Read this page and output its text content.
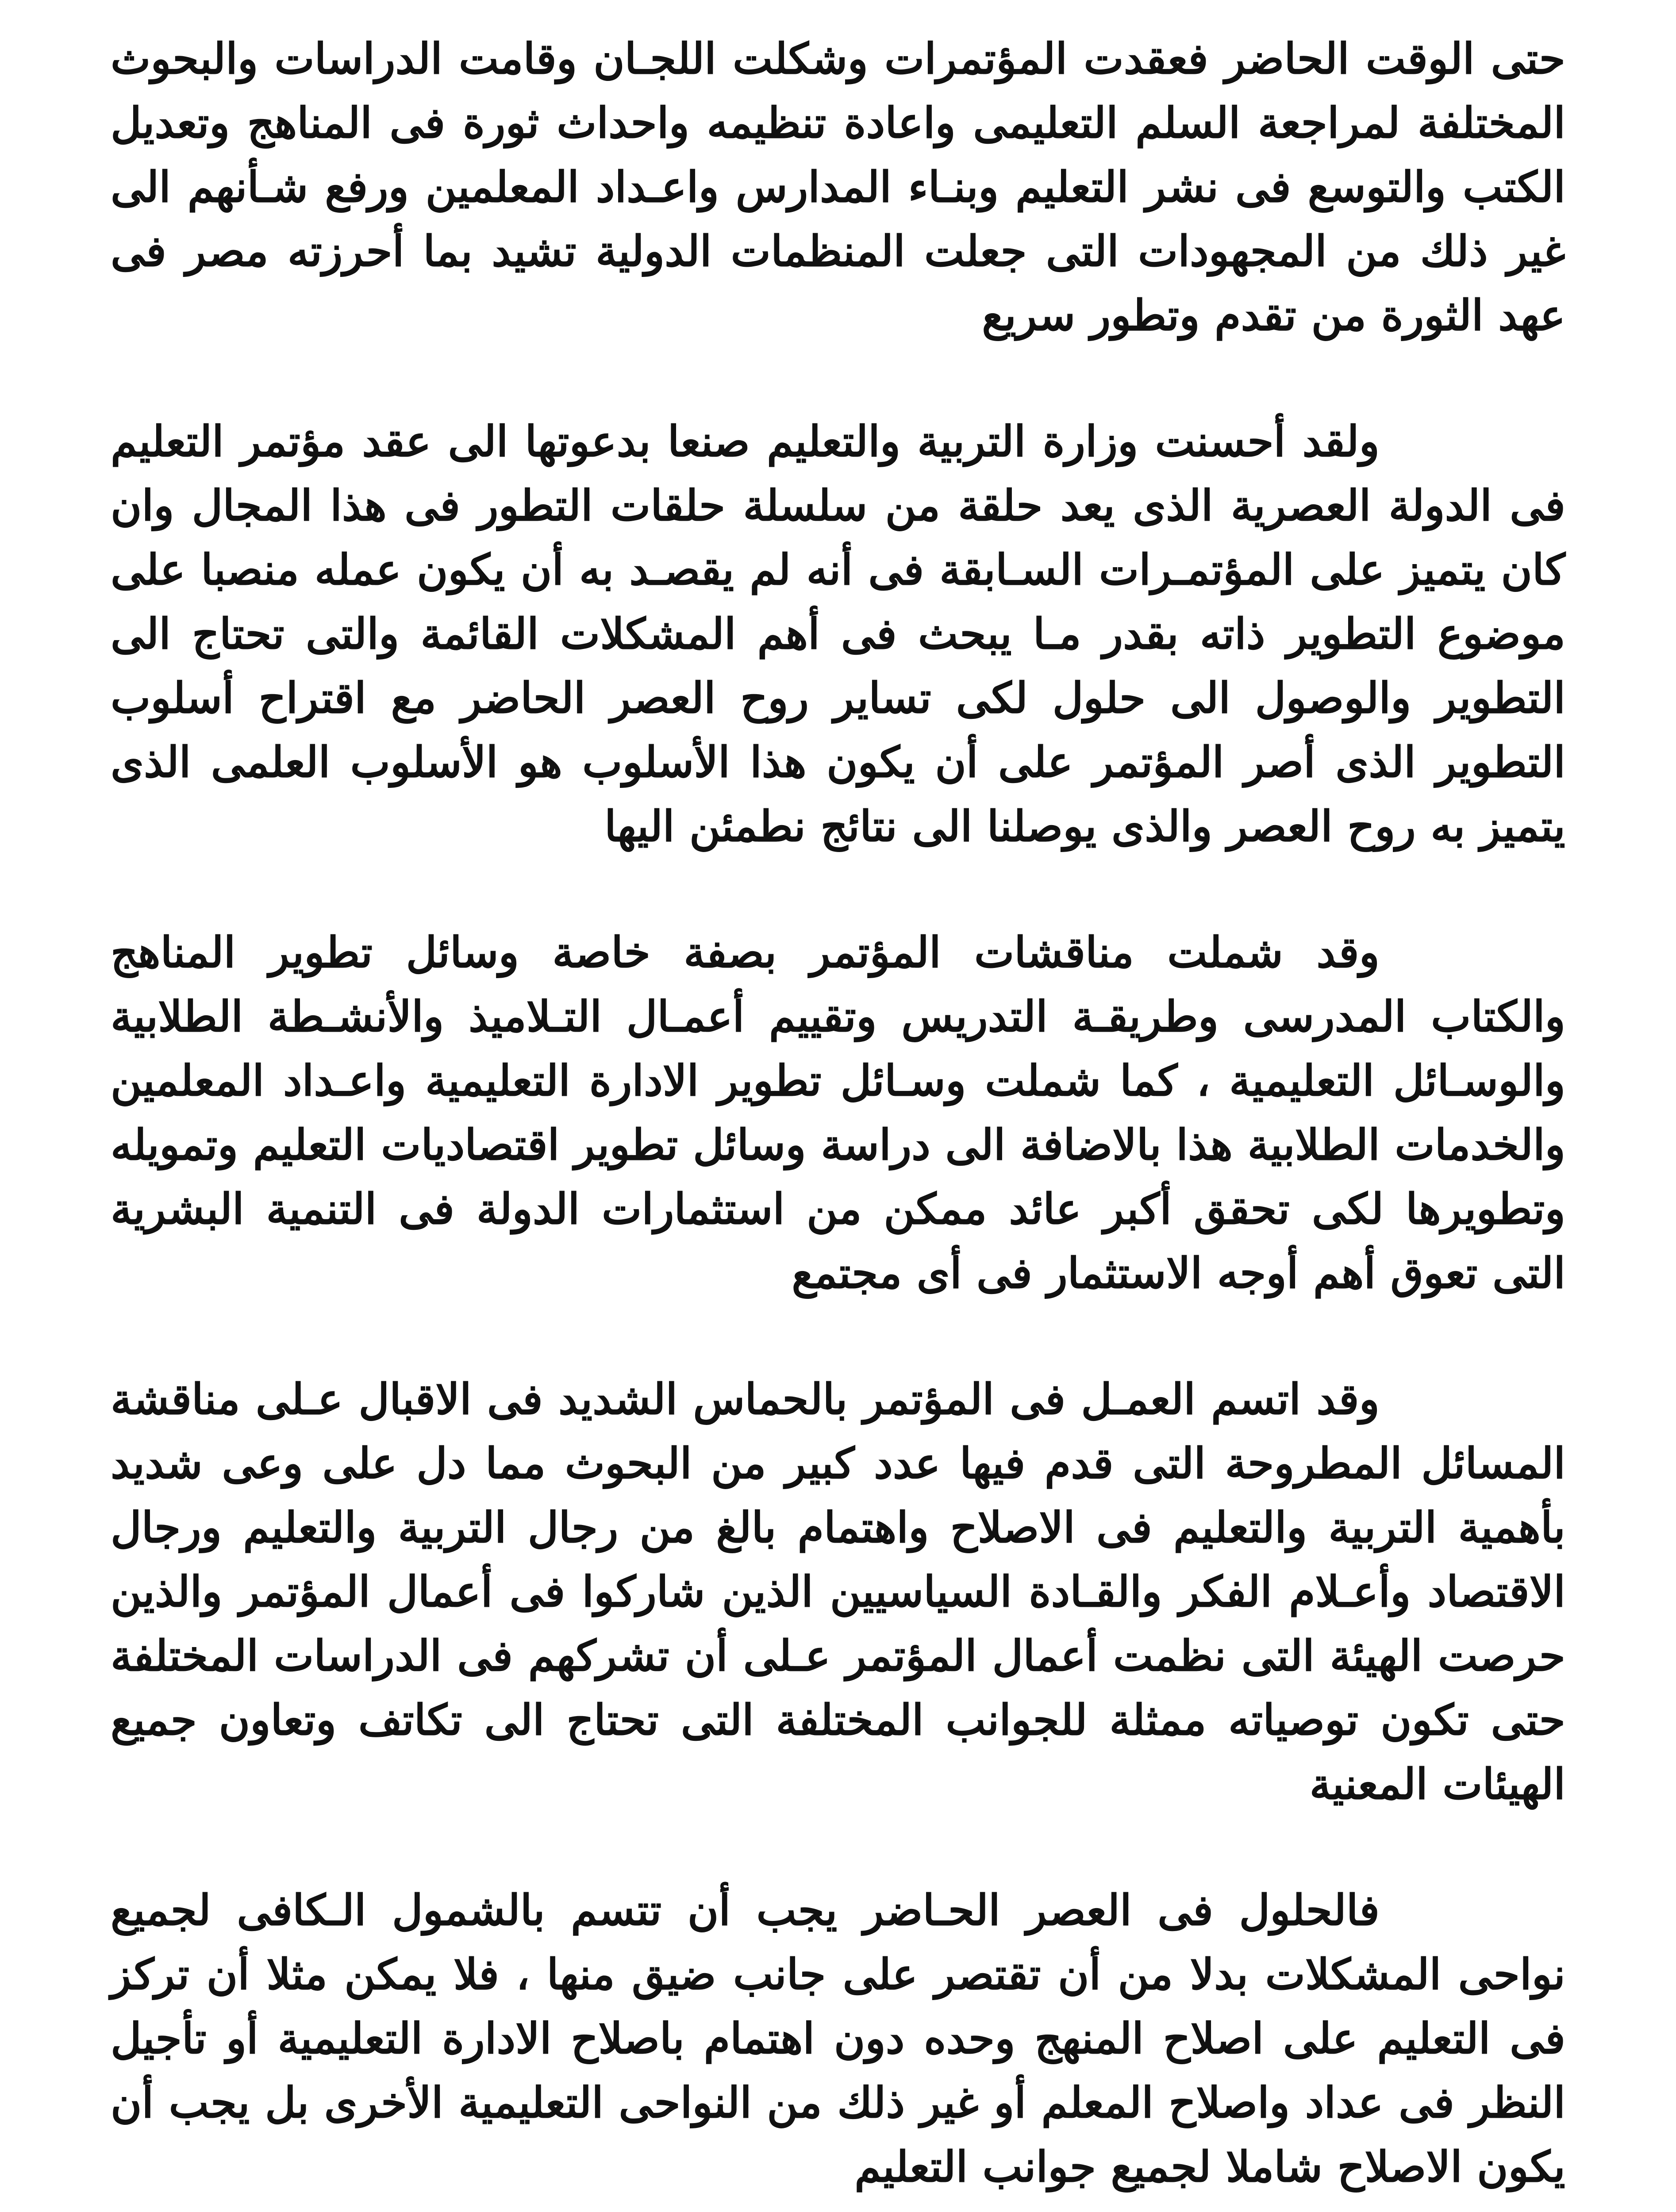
حتى الوقت الحاضر فعقدت المؤتمرات وشكلت اللجـان وقامت الدراسات والبحوث المختلفة لمراجعة السلم التعليمى واعادة تنظيمه واحداث ثورة فى المناهج وتعديل الكتب والتوسع فى نشر التعليم وبنـاء المدارس واعـداد المعلمين ورفع شـأنهم الى غير ذلك من المجهودات التى جعلت المنظمات الدولية تشيد بما أحرزته مصر فى عهد الثورة من تقدم وتطور سريع

ولقد أحسنت وزارة التربية والتعليم صنعا بدعوتها الى عقد مؤتمر التعليم فى الدولة العصرية الذى يعد حلقة من سلسلة حلقات التطور فى هذا المجال وان كان يتميز على المؤتمـرات السـابقة فى أنه لم يقصـد به أن يكون عمله منصبا على موضوع التطوير ذاته بقدر مـا يبحث فى أهم المشكلات القائمة والتى تحتاج الى التطوير والوصول الى حلول لكى تساير روح العصر الحاضر مع اقتراح أسلوب التطوير الذى أصر المؤتمر على أن يكون هذا الأسلوب هو الأسلوب العلمى الذى يتميز به روح العصر والذى يوصلنا الى نتائج نطمئن اليها

وقد شملت مناقشات المؤتمر بصفة خاصة وسائل تطوير المناهج والكتاب المدرسى وطريقـة التدريس وتقييم أعمـال التـلاميذ والأنشـطة الطلابية والوسـائل التعليمية ، كما شملت وسـائل تطوير الادارة التعليمية واعـداد المعلمين والخدمات الطلابية هذا بالاضافة الى دراسة وسائل تطوير اقتصاديات التعليم وتمويله وتطويرها لكى تحقق أكبر عائد ممكن من استثمارات الدولة فى التنمية البشرية التى تعوق أهم أوجه الاستثمار فى أى مجتمع

وقد اتسم العمـل فى المؤتمر بالحماس الشديد فى الاقبال عـلى مناقشة المسائل المطروحة التى قدم فيها عدد كبير من البحوث مما دل على وعى شديد بأهمية التربية والتعليم فى الاصلاح واهتمام بالغ من رجال التربية والتعليم ورجال الاقتصاد وأعـلام الفكر والقـادة السياسيين الذين شاركوا فى أعمال المؤتمر والذين حرصت الهيئة التى نظمت أعمال المؤتمر عـلى أن تشركهم فى الدراسات المختلفة حتى تكون توصياته ممثلة للجوانب المختلفة التى تحتاج الى تكاتف وتعاون جميع الهيئات المعنية

فالحلول فى العصر الحـاضر يجب أن تتسم بالشمول الـكافى لجميع نواحى المشكلات بدلا من أن تقتصر على جانب ضيق منها ، فلا يمكن مثلا أن تركز فى التعليم على اصلاح المنهج وحده دون اهتمام باصلاح الادارة التعليمية أو تأجيل النظر فى عداد واصلاح المعلم أو غير ذلك من النواحى التعليمية الأخرى بل يجب أن يكون الاصلاح شاملا لجميع جوانب التعليم
